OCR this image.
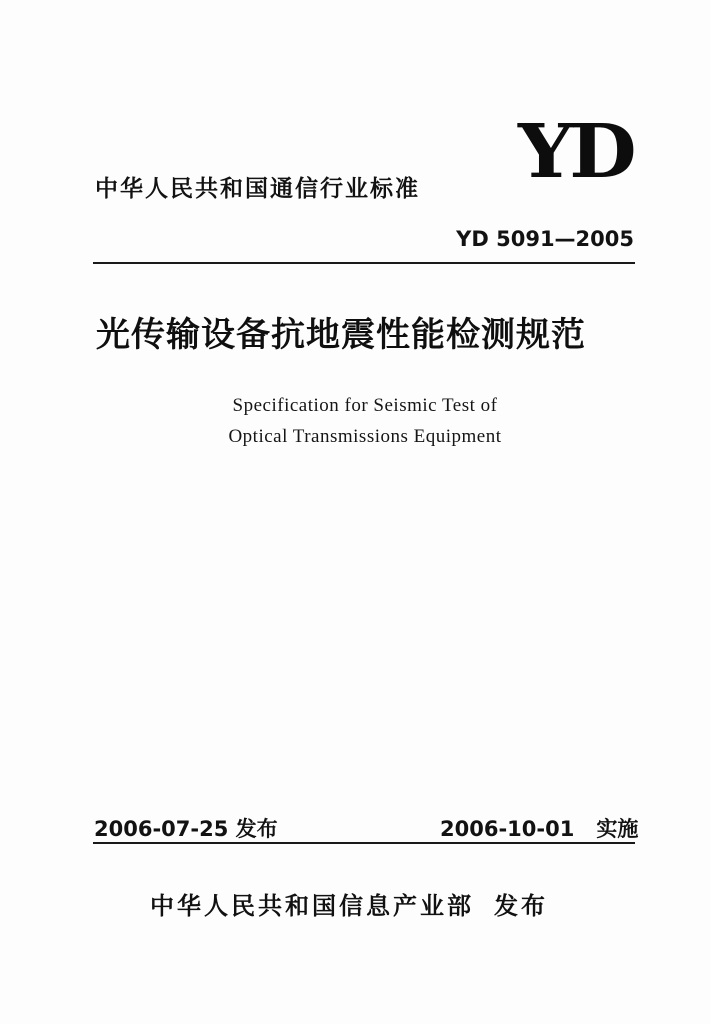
YD
中华人民共和国通信行业标准
YD 5091—2005
光传输设备抗地震性能检测规范
Specification for Seismic Test of
Optical Transmissions Equipment
2006-07-25 发布	2006-10-01 实施
中华人民共和国信息产业部 发布
